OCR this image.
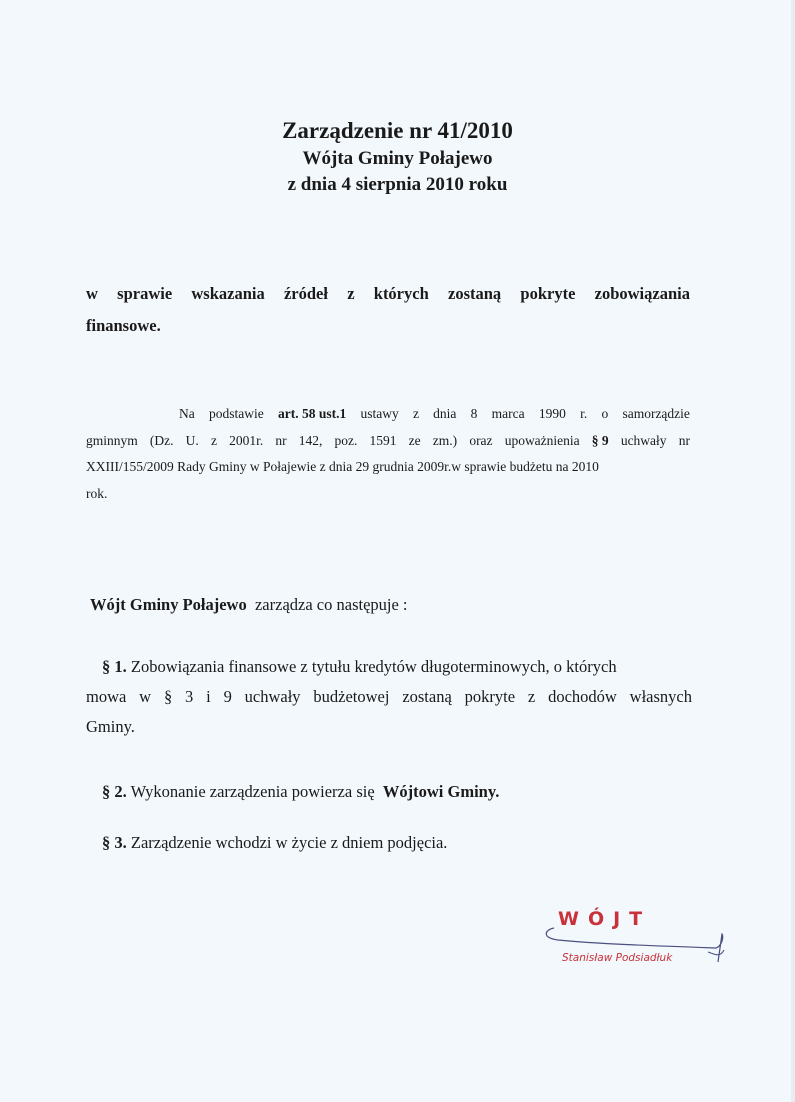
Zarządzenie nr 41/2010
Wójta Gminy Połajewo
z dnia 4 sierpnia 2010 roku
w sprawie wskazania źródeł z których zostaną pokryte zobowiązania
finansowe.
Na podstawie art. 58 ust.1 ustawy z dnia 8 marca 1990 r. o samorządzie
gminnym (Dz. U. z 2001r. nr 142, poz. 1591 ze zm.) oraz upoważnienia § 9 uchwały nr
XXIII/155/2009 Rady Gminy w Połajewie z dnia 29 grudnia 2009r.w sprawie budżetu na 2010
rok.
Wójt Gminy Połajewo zarządza co następuje :
§ 1. Zobowiązania finansowe z tytułu kredytów długoterminowych, o których
mowa w § 3 i 9 uchwały budżetowej zostaną pokryte z dochodów własnych
Gminy.
§ 2. Wykonanie zarządzenia powierza się Wójtowi Gminy.
§ 3. Zarządzenie wchodzi w życie z dniem podjęcia.
WÓJT
Stanisław Podsiadłuk
